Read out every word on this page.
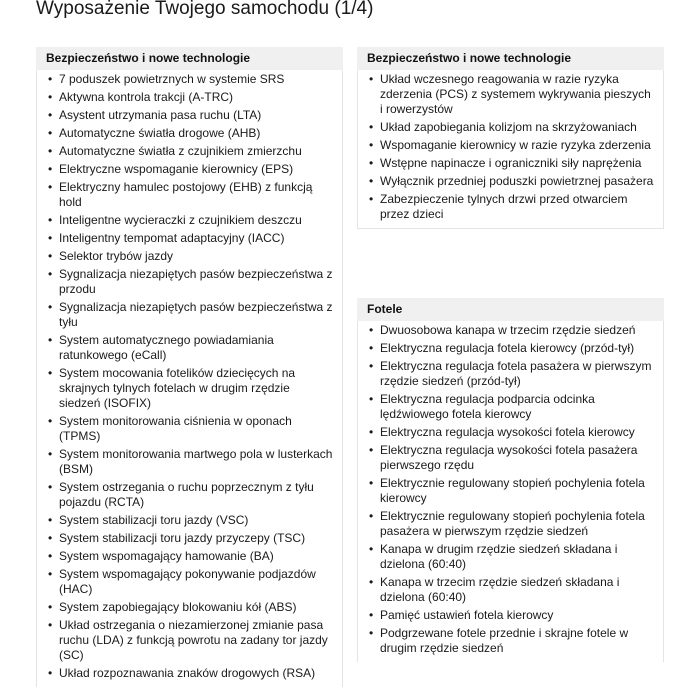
Wyposażenie Twojego samochodu (1/4)
Bezpieczeństwo i nowe technologie
• 7 poduszek powietrznych w systemie SRS
• Aktywna kontrola trakcji (A-TRC)
• Asystent utrzymania pasa ruchu (LTA)
• Automatyczne światła drogowe (AHB)
• Automatyczne światła z czujnikiem zmierzchu
• Elektryczne wspomaganie kierownicy (EPS)
• Elektryczny hamulec postojowy (EHB) z funkcją hold
• Inteligentne wycieraczki z czujnikiem deszczu
• Inteligentny tempomat adaptacyjny (IACC)
• Selektor trybów jazdy
• Sygnalizacja niezapiętych pasów bezpieczeństwa z przodu
• Sygnalizacja niezapiętych pasów bezpieczeństwa z tyłu
• System automatycznego powiadamiania ratunkowego (eCall)
• System mocowania fotelików dziecięcych na skrajnych tylnych fotelach w drugim rzędzie siedzeń (ISOFIX)
• System monitorowania ciśnienia w oponach (TPMS)
• System monitorowania martwego pola w lusterkach (BSM)
• System ostrzegania o ruchu poprzecznym z tyłu pojazdu (RCTA)
• System stabilizacji toru jazdy (VSC)
• System stabilizacji toru jazdy przyczepy (TSC)
• System wspomagający hamowanie (BA)
• System wspomagający pokonywanie podjazdów (HAC)
• System zapobiegający blokowaniu kół (ABS)
• Układ ostrzegania o niezamierzonej zmianie pasa ruchu (LDA) z funkcją powrotu na zadany tor jazdy (SC)
• Układ rozpoznawania znaków drogowych (RSA)
Bezpieczeństwo i nowe technologie
• Układ wczesnego reagowania w razie ryzyka zderzenia (PCS) z systemem wykrywania pieszych i rowerzystów
• Układ zapobiegania kolizjom na skrzyżowaniach
• Wspomaganie kierownicy w razie ryzyka zderzenia
• Wstępne napinacze i ograniczniki siły naprężenia
• Wyłącznik przedniej poduszki powietrznej pasażera
• Zabezpieczenie tylnych drzwi przed otwarciem przez dzieci
Fotele
• Dwuosobowa kanapa w trzecim rzędzie siedzeń
• Elektryczna regulacja fotela kierowcy (przód-tył)
• Elektryczna regulacja fotela pasażera w pierwszym rzędzie siedzeń (przód-tył)
• Elektryczna regulacja podparcia odcinka lędźwiowego fotela kierowcy
• Elektryczna regulacja wysokości fotela kierowcy
• Elektryczna regulacja wysokości fotela pasażera pierwszego rzędu
• Elektrycznie regulowany stopień pochylenia fotela kierowcy
• Elektrycznie regulowany stopień pochylenia fotela pasażera w pierwszym rzędzie siedzeń
• Kanapa w drugim rzędzie siedzeń składana i dzielona (60:40)
• Kanapa w trzecim rzędzie siedzeń składana i dzielona (60:40)
• Pamięć ustawień fotela kierowcy
• Podgrzewane fotele przednie i skrajne fotele w drugim rzędzie siedzeń
